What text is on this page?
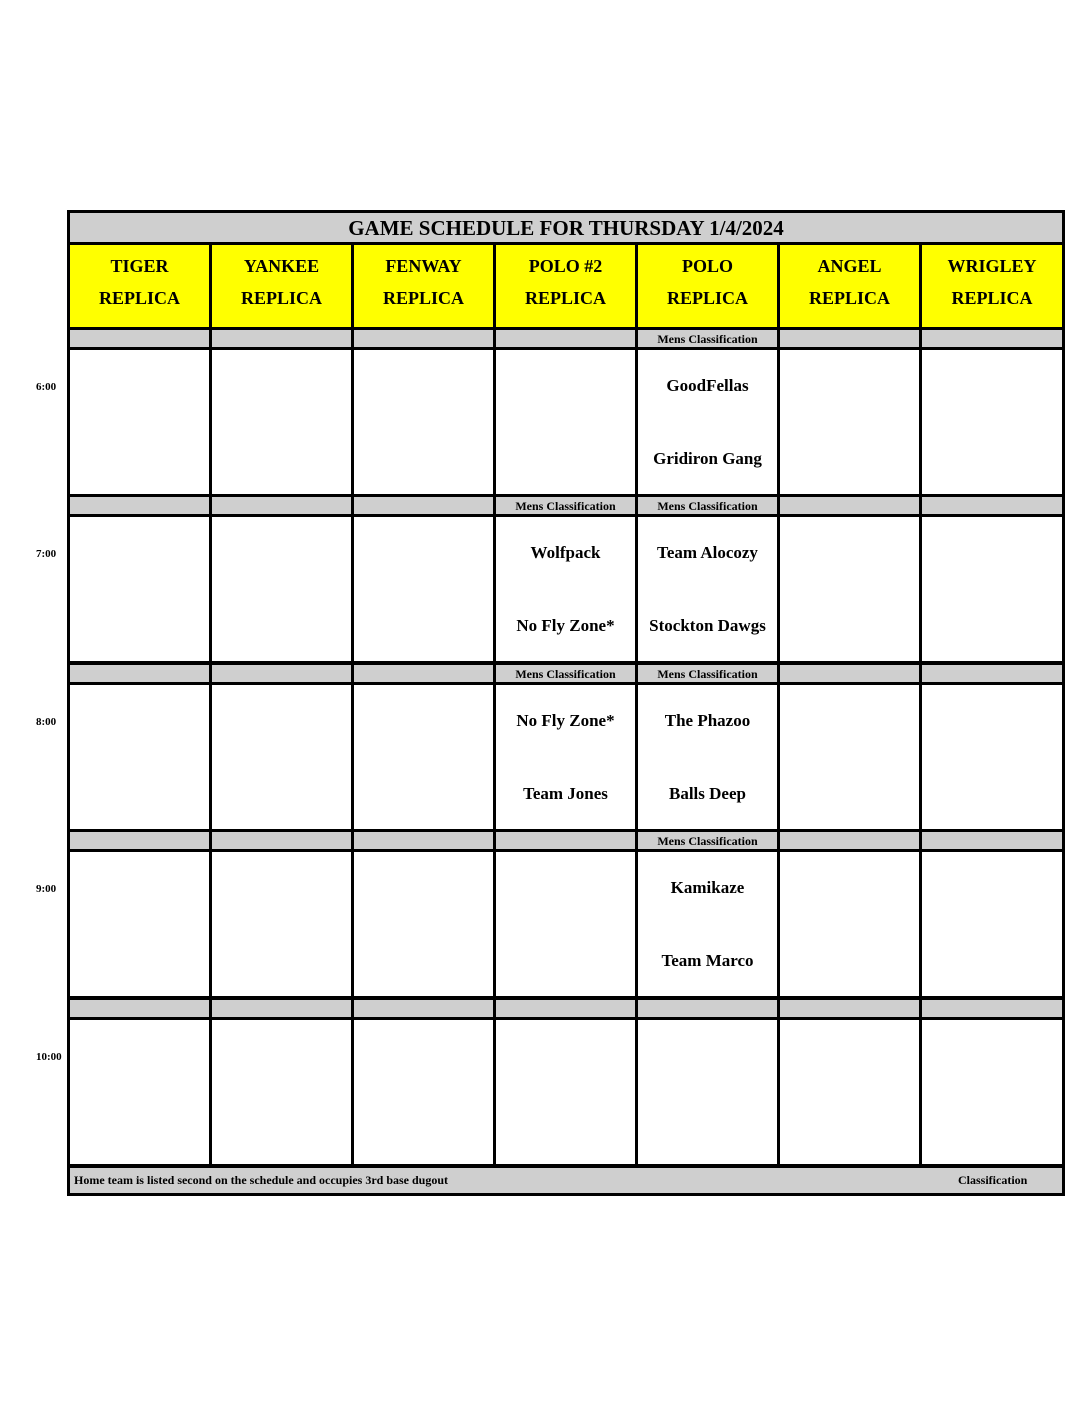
GAME SCHEDULE FOR THURSDAY 1/4/2024
TIGER
REPLICA
YANKEE
REPLICA
FENWAY
REPLICA
POLO #2
REPLICA
POLO
REPLICA
ANGEL
REPLICA
WRIGLEY
REPLICA
Mens Classification
GoodFellas
Gridiron Gang
Mens Classification
Wolfpack
No Fly Zone*
Mens Classification
Team Alocozy
Stockton Dawgs
Mens Classification
No Fly Zone*
Team Jones
Mens Classification
The Phazoo
Balls Deep
Mens Classification
Kamikaze
Team Marco
Home team is listed second on the schedule and occupies 3rd base dugout	Classification
6:00
7:00
8:00
9:00
10:00
